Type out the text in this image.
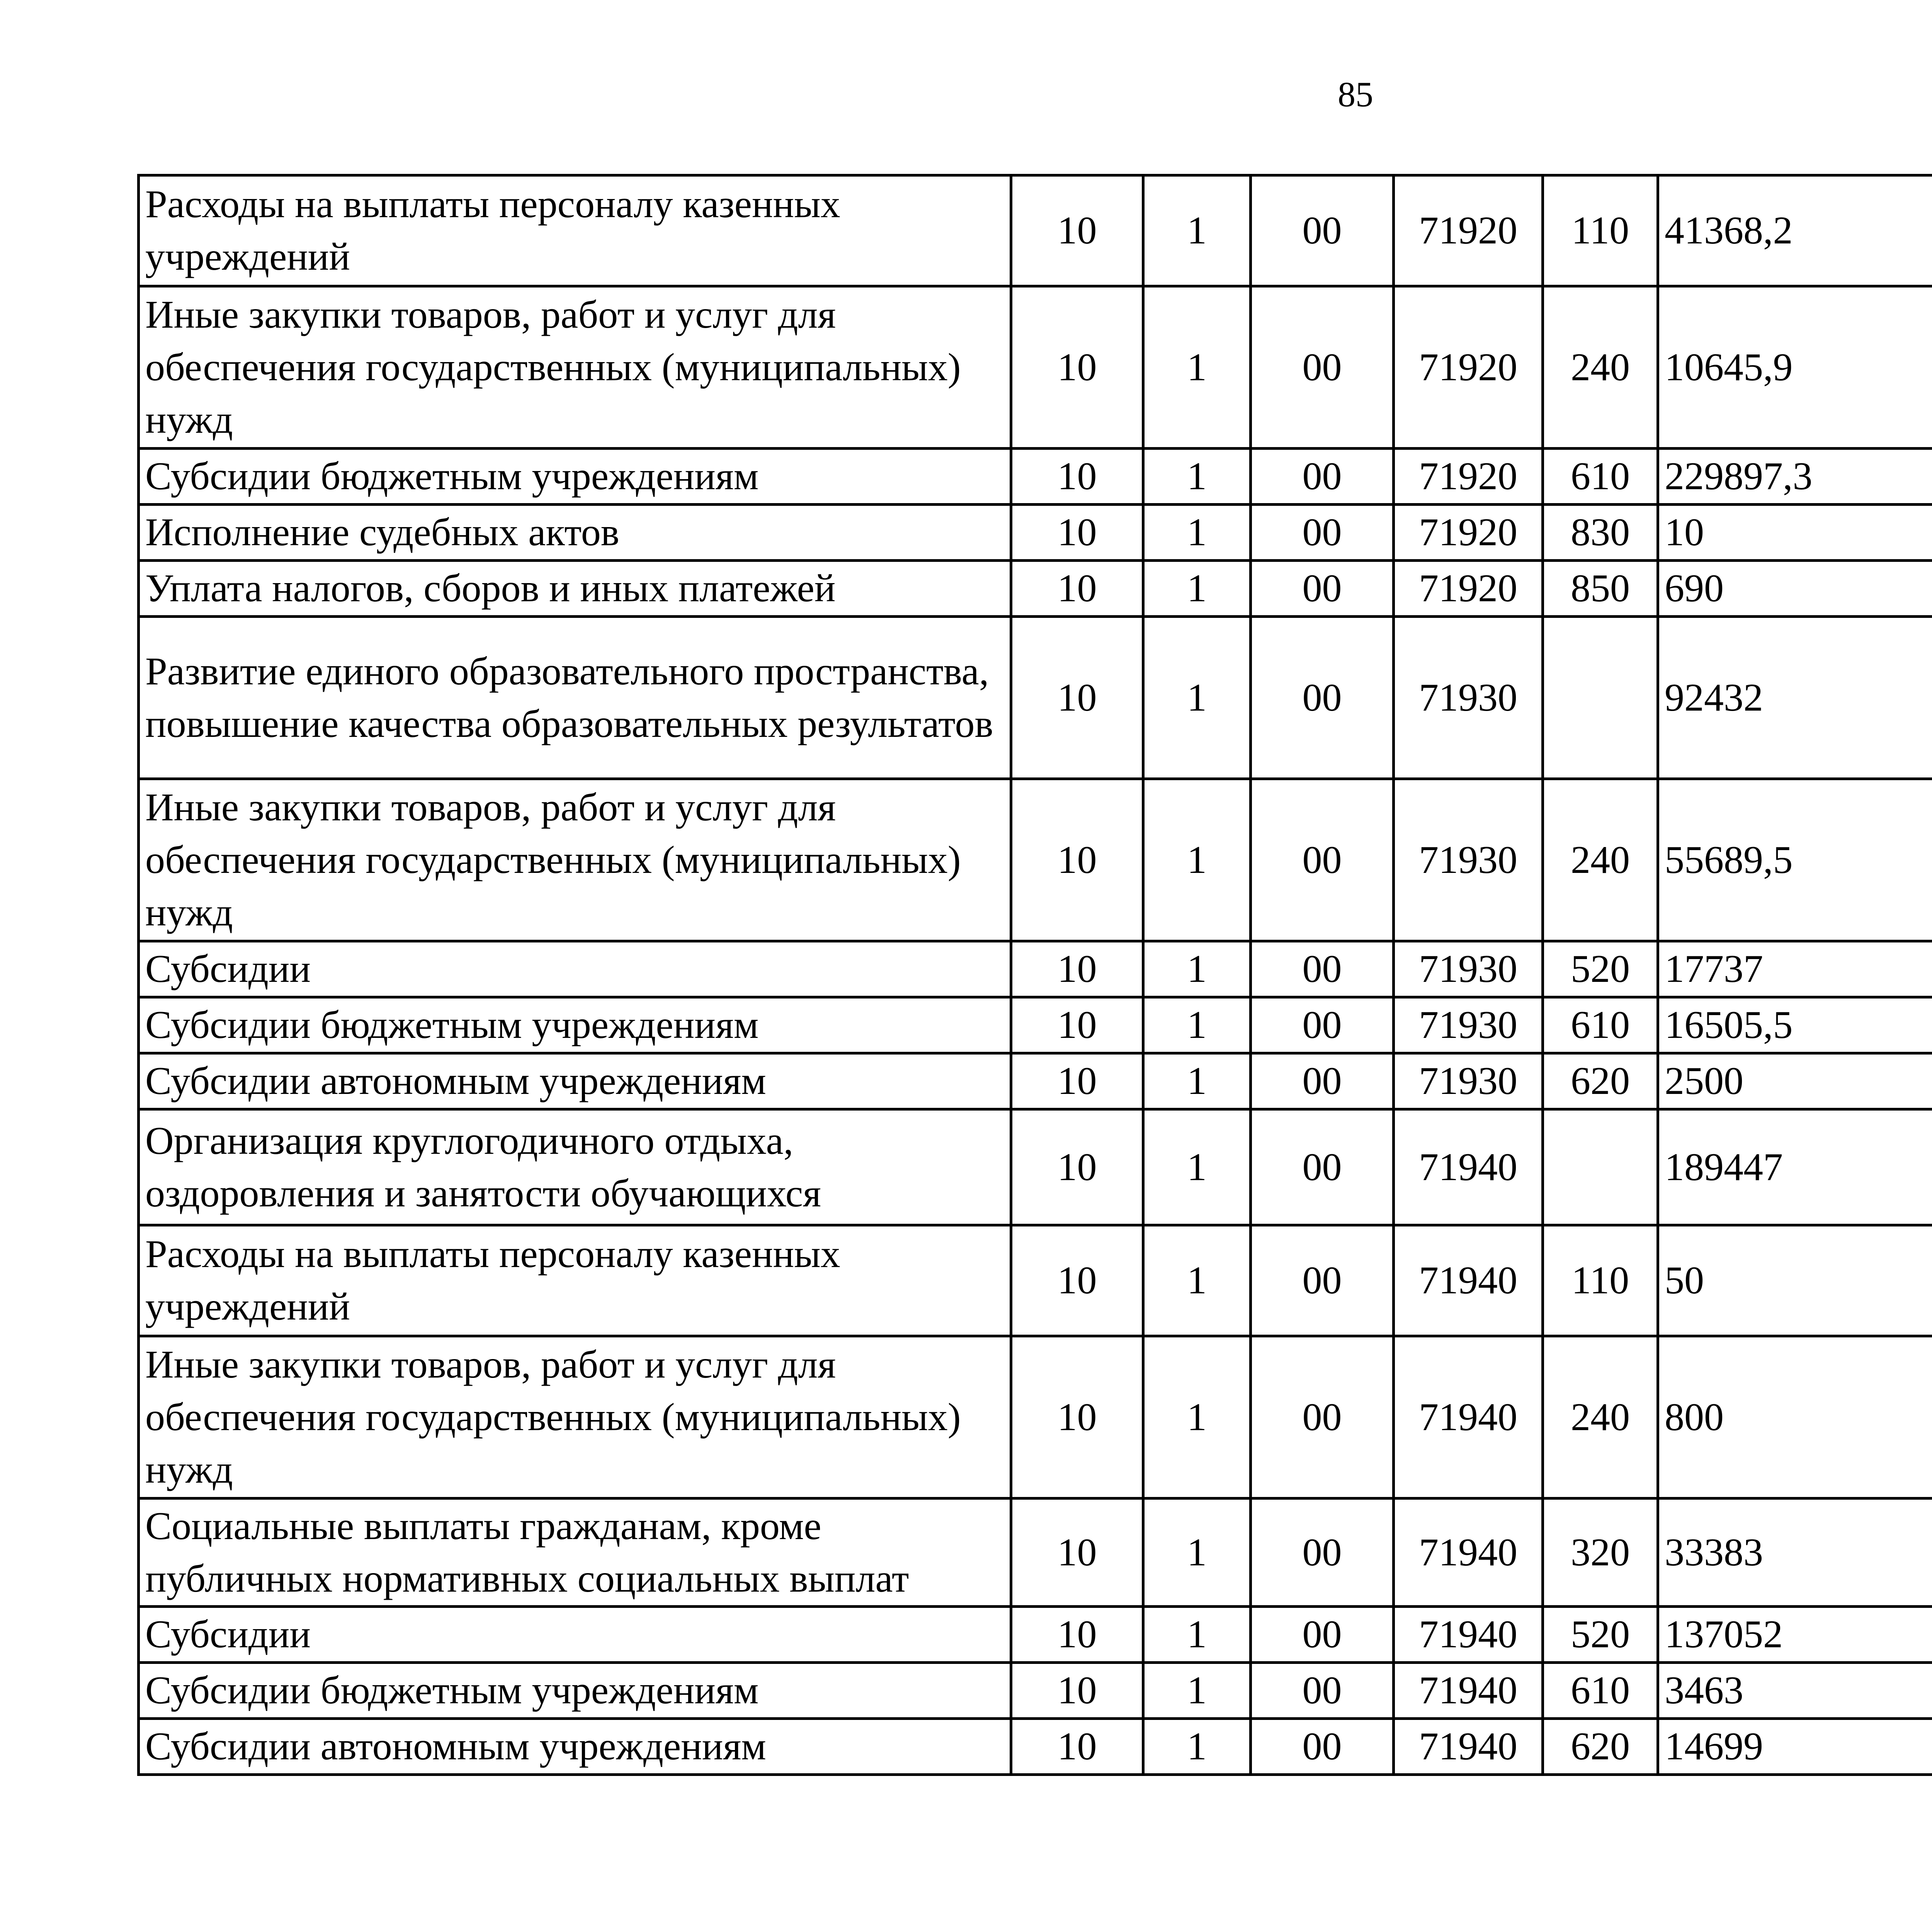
85
Расходы на выплаты персоналу казенных учреждений	10	1	00	71920	110	41368,2		
Иные закупки товаров, работ и услуг для обеспечения государственных (муниципальных) нужд	10	1	00	71920	240	10645,9		
Субсидии бюджетным учреждениям	10	1	00	71920	610	229897,3		
Исполнение судебных актов	10	1	00	71920	830	10		
Уплата налогов, сборов и иных платежей	10	1	00	71920	850	690		
Развитие единого образовательного пространства, повышение качества образовательных результатов	10	1	00	71930		92432		
Иные закупки товаров, работ и услуг для обеспечения государственных (муниципальных) нужд	10	1	00	71930	240	55689,5		
Субсидии	10	1	00	71930	520	17737		
Субсидии бюджетным учреждениям	10	1	00	71930	610	16505,5		
Субсидии автономным учреждениям	10	1	00	71930	620	2500		
Организация круглогодичного отдыха, оздоровления и занятости обучающихся	10	1	00	71940		189447		
Расходы на выплаты персоналу казенных учреждений	10	1	00	71940	110	50		
Иные закупки товаров, работ и услуг для обеспечения государственных (муниципальных) нужд	10	1	00	71940	240	800		
Социальные выплаты гражданам, кроме публичных нормативных социальных выплат	10	1	00	71940	320	33383		
Субсидии	10	1	00	71940	520	137052		
Субсидии бюджетным учреждениям	10	1	00	71940	610	3463		
Субсидии автономным учреждениям	10	1	00	71940	620	14699		
